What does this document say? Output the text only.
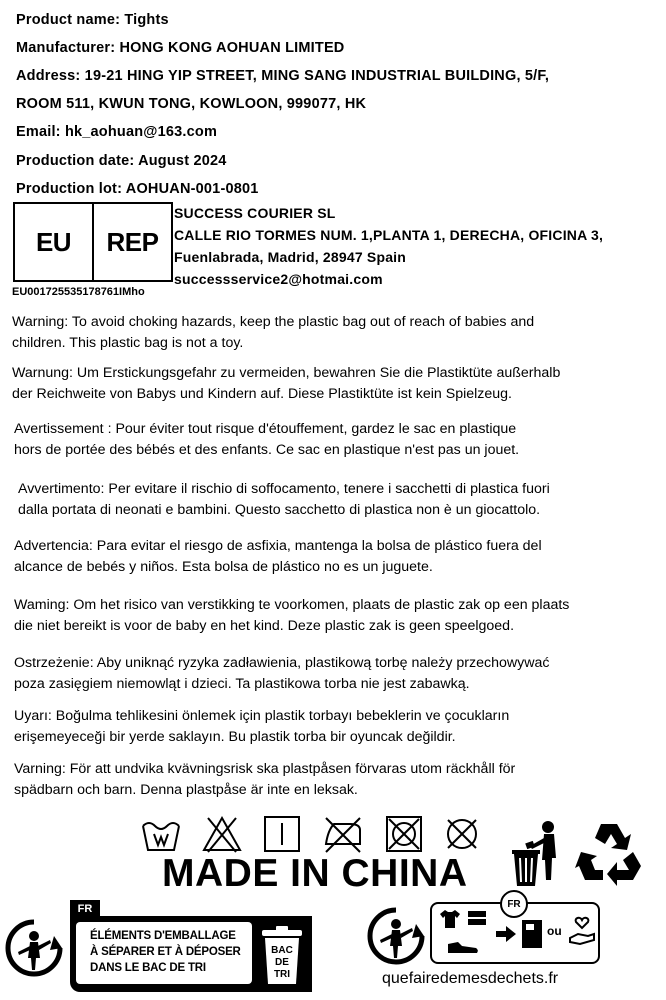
Product name: Tights
Manufacturer: HONG KONG AOHUAN LIMITED
Address: 19-21 HING YIP STREET, MING SANG INDUSTRIAL BUILDING, 5/F,
ROOM 511, KWUN TONG, KOWLOON, 999077, HK
Email: hk_aohuan@163.com
Production date: August 2024
Production lot: AOHUAN-001-0801
EU	REP
SUCCESS COURIER SL
CALLE RIO TORMES NUM. 1,PLANTA 1, DERECHA, OFICINA 3,
Fuenlabrada, Madrid, 28947 Spain
successservice2@hotmai.com
EU001725535178761IMho
Warning: To avoid choking hazards, keep the plastic bag out of reach of babies and
children. This plastic bag is not a toy.
Warnung: Um Erstickungsgefahr zu vermeiden, bewahren Sie die Plastiktüte außerhalb
der Reichweite von Babys und Kindern auf. Diese Plastiktüte ist kein Spielzeug.
Avertissement : Pour éviter tout risque d'étouffement, gardez le sac en plastique
hors de portée des bébés et des enfants. Ce sac en plastique n'est pas un jouet.
Avvertimento: Per evitare il rischio di soffocamento, tenere i sacchetti di plastica fuori
dalla portata di neonati e bambini. Questo sacchetto di plastica non è un giocattolo.
Advertencia: Para evitar el riesgo de asfixia, mantenga la bolsa de plástico fuera del
alcance de bebés y niños. Esta bolsa de plástico no es un juguete.
Waming: Om het risico van verstikking te voorkomen, plaats de plastic zak op een plaats
die niet bereikt is voor de baby en het kind. Deze plastic zak is geen speelgoed.
Ostrzeżenie: Aby uniknąć ryzyka zadławienia, plastikową torbę należy przechowywać
poza zasięgiem niemowląt i dzieci. Ta plastikowa torba nie jest zabawką.
Uyarı: Boğulma tehlikesini önlemek için plastik torbayı bebeklerin ve çocukların
erişemeyeceği bir yerde saklayın. Bu plastik torba bir oyuncak değildir.
Varning: För att undvika kvävningsrisk ska plastpåsen förvaras utom räckhåll för
spädbarn och barn. Denna plastpåse är inte en leksak.
MADE IN CHINA
FR
ÉLÉMENTS D'EMBALLAGE
À SÉPARER ET À DÉPOSER
DANS LE BAC DE TRI
BAC
DE
TRI
ou
FR
quefairedemesdechets.fr
